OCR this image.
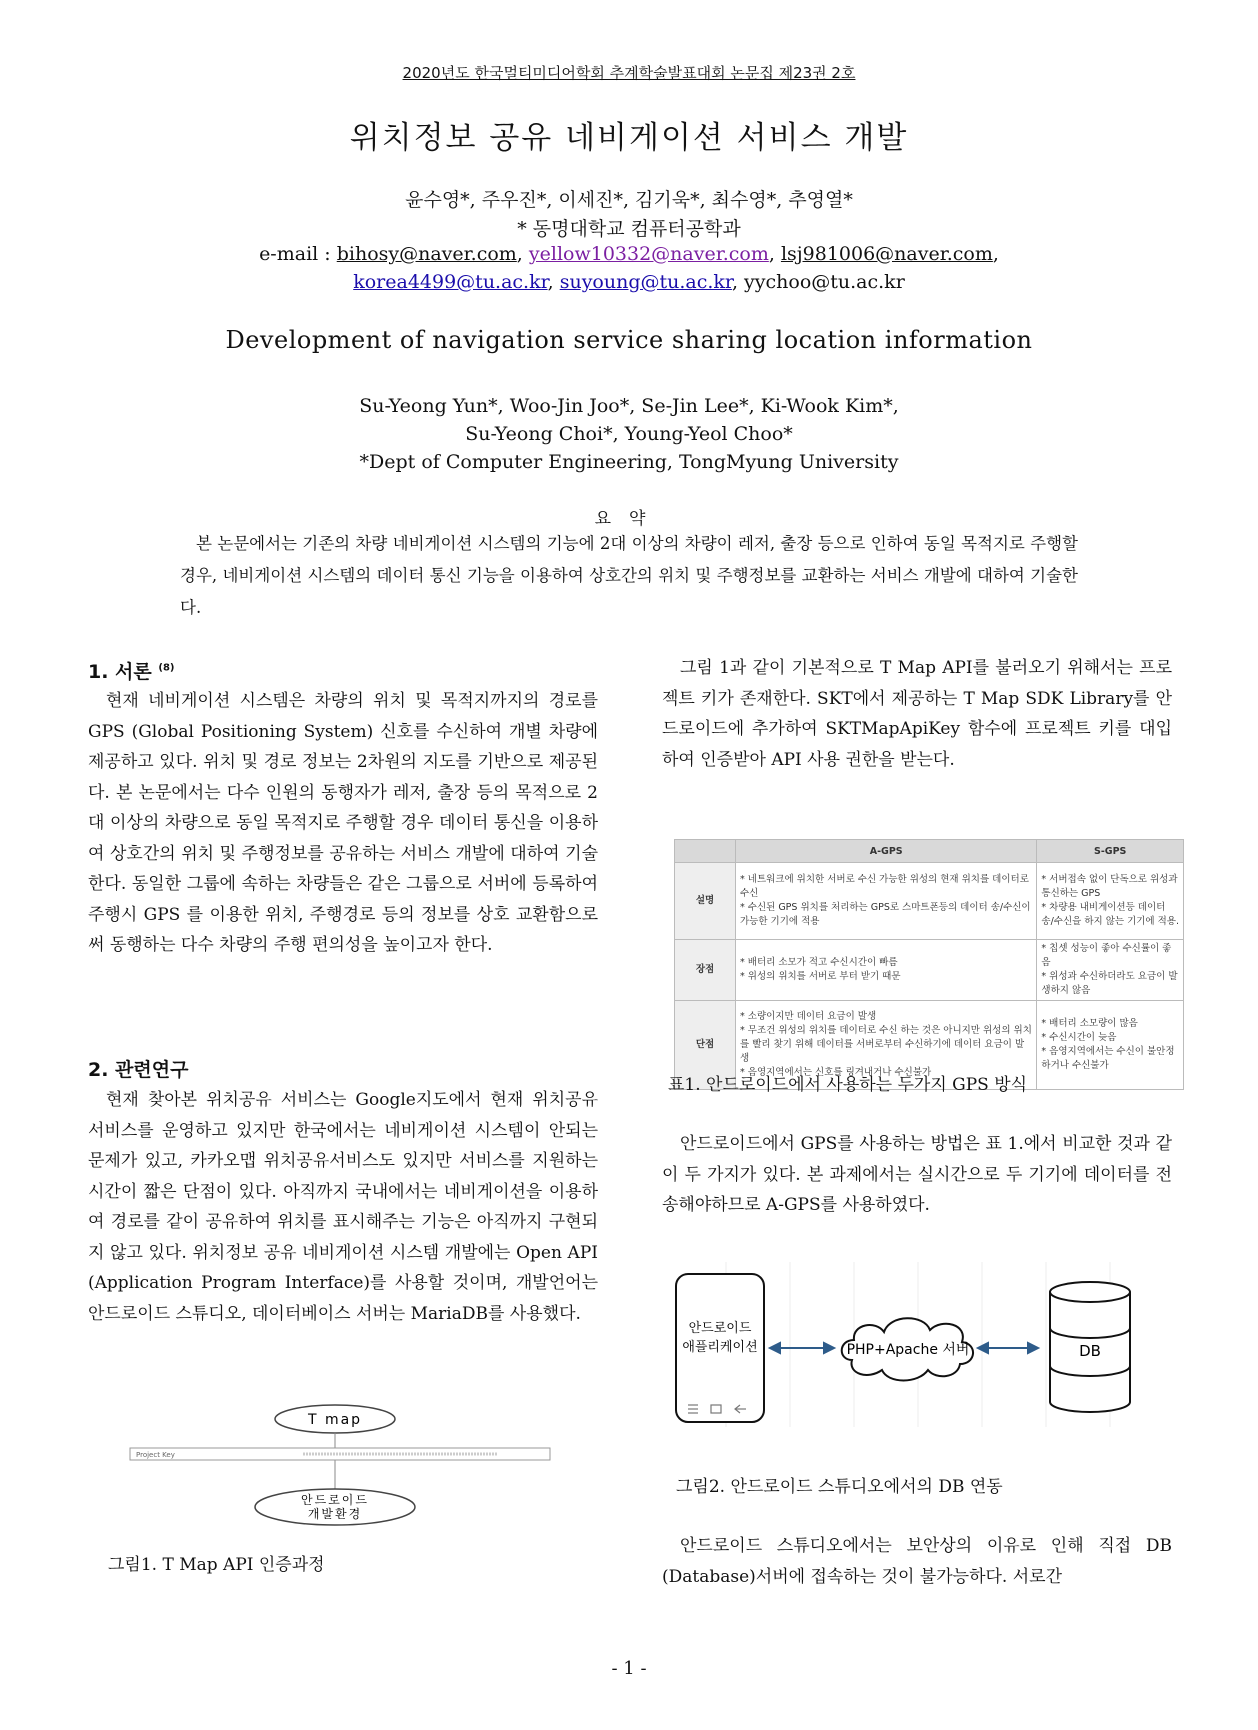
2020년도 한국멀티미디어학회 추계학술발표대회 논문집 제23권 2호
위치정보 공유 네비게이션 서비스 개발
윤수영*, 주우진*, 이세진*, 김기욱*, 최수영*, 추영열*
* 동명대학교 컴퓨터공학과
e-mail : bihosy@naver.com, yellow10332@naver.com, lsj981006@naver.com,
korea4499@tu.ac.kr, suyoung@tu.ac.kr, yychoo@tu.ac.kr
Development of navigation service sharing location information
Su-Yeong Yun*, Woo-Jin Joo*, Se-Jin Lee*, Ki-Wook Kim*,
Su-Yeong Choi*, Young-Yeol Choo*
*Dept of Computer Engineering, TongMyung University
요약

본 논문에서는 기존의 차량 네비게이션 시스템의 기능에 2대 이상의 차량이 레저, 출장 등으로 인하여 동일 목적지로 주행할 경우, 네비게이션 시스템의 데이터 통신 기능을 이용하여 상호간의 위치 및 주행정보를 교환하는 서비스 개발에 대하여 기술한다.

1. 서론 $^{(8)}$

현재 네비게이션 시스템은 차량의 위치 및 목적지까지의 경로를 GPS (Global Positioning System) 신호를 수신하여 개별 차량에 제공하고 있다. 위치 및 경로 정보는 2차원의 지도를 기반으로 제공된다. 본 논문에서는 다수 인원의 동행자가 레저, 출장 등의 목적으로 2대 이상의 차량으로 동일 목적지로 주행할 경우 데이터 통신을 이용하여 상호간의 위치 및 주행정보를 공유하는 서비스 개발에 대하여 기술한다. 동일한 그룹에 속하는 차량들은 같은 그룹으로 서버에 등록하여 주행시 GPS 를 이용한 위치, 주행경로 등의 정보를 상호 교환함으로써 동행하는 다수 차량의 주행 편의성을 높이고자 한다.

2. 관련연구

현재 찾아본 위치공유 서비스는 Google지도에서 현재 위치공유 서비스를 운영하고 있지만 한국에서는 네비게이션 시스템이 안되는 문제가 있고, 카카오맵 위치공유서비스도 있지만 서비스를 지원하는 시간이 짧은 단점이 있다. 아직까지 국내에서는 네비게이션을 이용하여 경로를 같이 공유하여 위치를 표시해주는 기능은 아직까지 구현되지 않고 있다. 위치정보 공유 네비게이션 시스템 개발에는 Open API (Application Program Interface)를 사용할 것이며, 개발언어는 안드로이드 스튜디오, 데이터베이스 서버는 MariaDB를 사용했다.

T map
Project Key
안드로이드
개발환경
그림1. T Map API 인증과정

그림 1과 같이 기본적으로 T Map API를 불러오기 위해서는 프로젝트 키가 존재한다. SKT에서 제공하는 T Map SDK Library를 안드로이드에 추가하여 SKTMapApiKey 함수에 프로젝트 키를 대입하여 인증받아 API 사용 권한을 받는다.

	A-GPS	S-GPS
설명	* 네트워크에 위치한 서버로 수신 가능한 위성의 현재 위치를 데이터로 수신
* 수신된 GPS 위치를 처리하는 GPS로 스마트폰등의 데이터 송/수신이 가능한 기기에 적용	* 서버접속 없이 단독으로 위성과 통신하는 GPS
* 차량용 내비게이션등 데이터 송/수신을 하지 않는 기기에 적용.
장점	* 배터리 소모가 적고 수신시간이 빠름
* 위성의 위치를 서버로 부터 받기 때문	* 칩셋 성능이 좋아 수신률이 좋음
* 위성과 수신하더라도 요금이 발생하지 않음
단점	* 소량이지만 데이터 요금이 발생
* 무조건 위성의 위치를 데이터로 수신 하는 것은 아니지만 위성의 위치를 빨리 찾기 위해 데이터를 서버로부터 수신하기에 데이터 요금이 발생
* 음영지역에서는 신호를 링겨내거나 수신불가	* 배터리 소모량이 많음
* 수신시간이 늦음
* 음영지역에서는 수신이 불안정 하거나 수신불가
표1. 안드로이드에서 사용하는 두가지 GPS 방식

안드로이드에서 GPS를 사용하는 방법은 표 1.에서 비교한 것과 같이 두 가지가 있다. 본 과제에서는 실시간으로 두 기기에 데이터를 전송해야하므로 A-GPS를 사용하였다.

안드로이드
애플리케이션	PHP+Apache 서버	DB
그림2. 안드로이드 스튜디오에서의 DB 연동

안드로이드 스튜디오에서는 보안상의 이유로 인해 직접 DB (Database)서버에 접속하는 것이 불가능하다. 서로간

- 1 -
